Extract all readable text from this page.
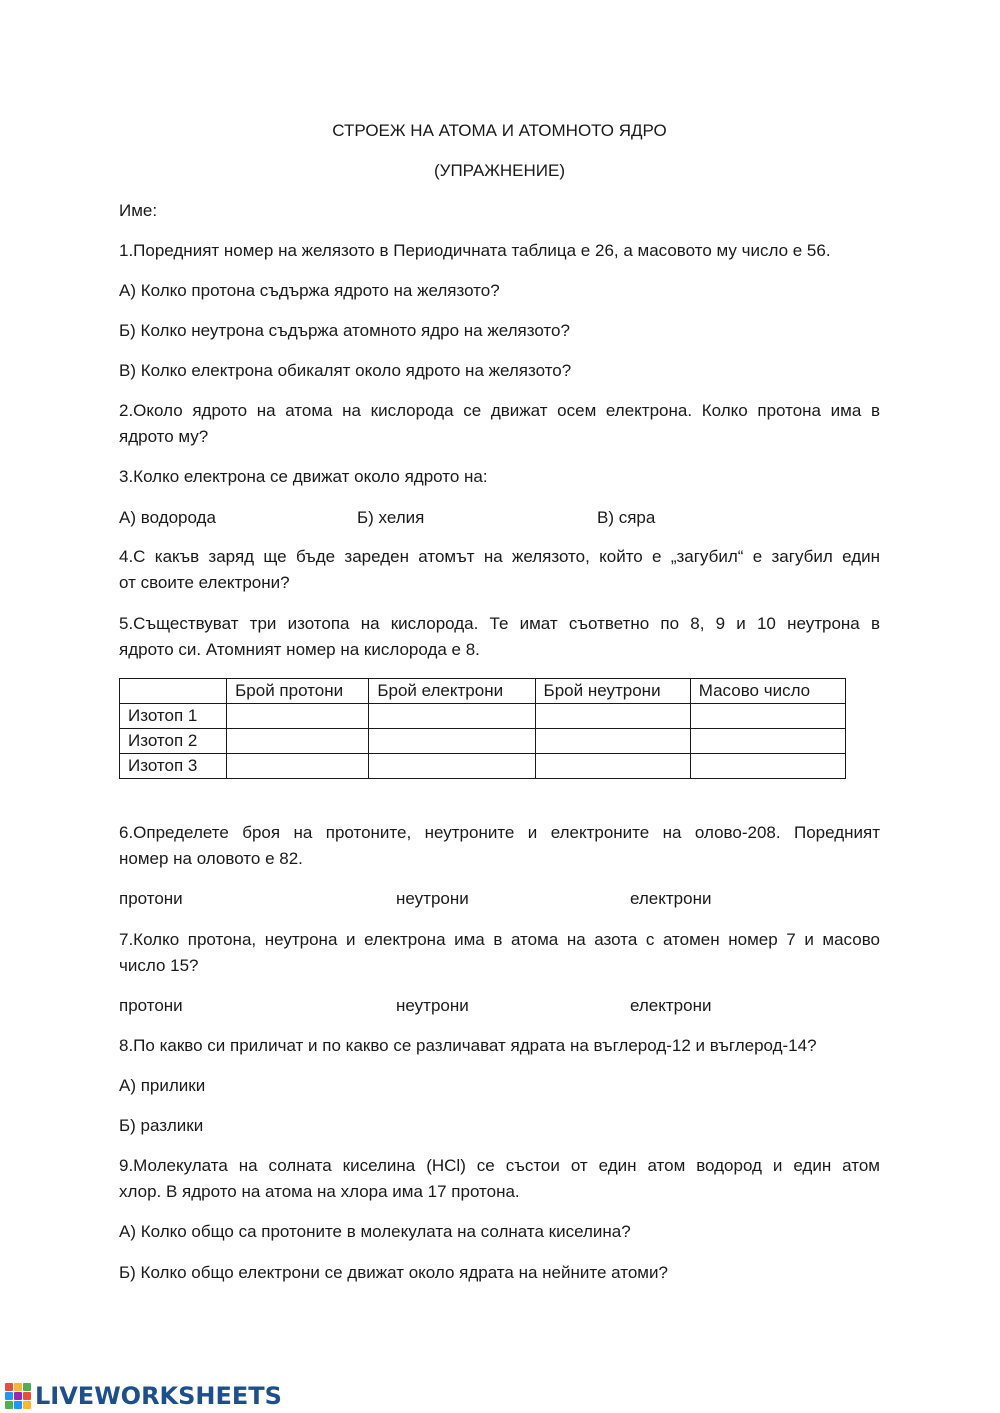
СТРОЕЖ НА АТОМА И АТОМНОТО ЯДРО
(УПРАЖНЕНИЕ)
Име:
1.Поредният номер на желязото в Периодичната таблица е 26, а масовото му число е 56.
А) Колко протона съдържа ядрото на желязото?
Б) Колко неутрона съдържа атомното ядро на желязото?
В) Колко електрона обикалят около ядрото на желязото?
2.Около ядрото на атома на кислорода се движат осем електрона. Колко протона има в
ядрото му?
3.Колко електрона се движат около ядрото на:
А) водорода	Б) хелия	В) сяра
4.С какъв заряд ще бъде зареден атомът на желязото, който е „загубил“ е загубил един
от своите електрони?
5.Съществуват три изотопа на кислорода. Те имат съответно по 8, 9 и 10 неутрона в
ядрото си. Атомният номер на кислорода е 8.
	Брой протони	Брой електрони	Брой неутрони	Масово число
Изотоп 1				
Изотоп 2				
Изотоп 3				
6.Определете броя на протоните, неутроните и електроните на олово-208. Поредният
номер на оловото е 82.
протони	неутрони	електрони
7.Колко протона, неутрона и електрона има в атома на азота с атомен номер 7 и масово
число 15?
протони	неутрони	електрони
8.По какво си приличат и по какво се различават ядрата на въглерод-12 и въглерод-14?
А) прилики
Б) разлики
9.Молекулата на солната киселина (HCl) се състои от един атом водород и един атом
хлор. В ядрото на атома на хлора има 17 протона.
А) Колко общо са протоните в молекулата на солната киселина?
Б) Колко общо електрони се движат около ядрата на нейните атоми?
LIVEWORKSHEETS
